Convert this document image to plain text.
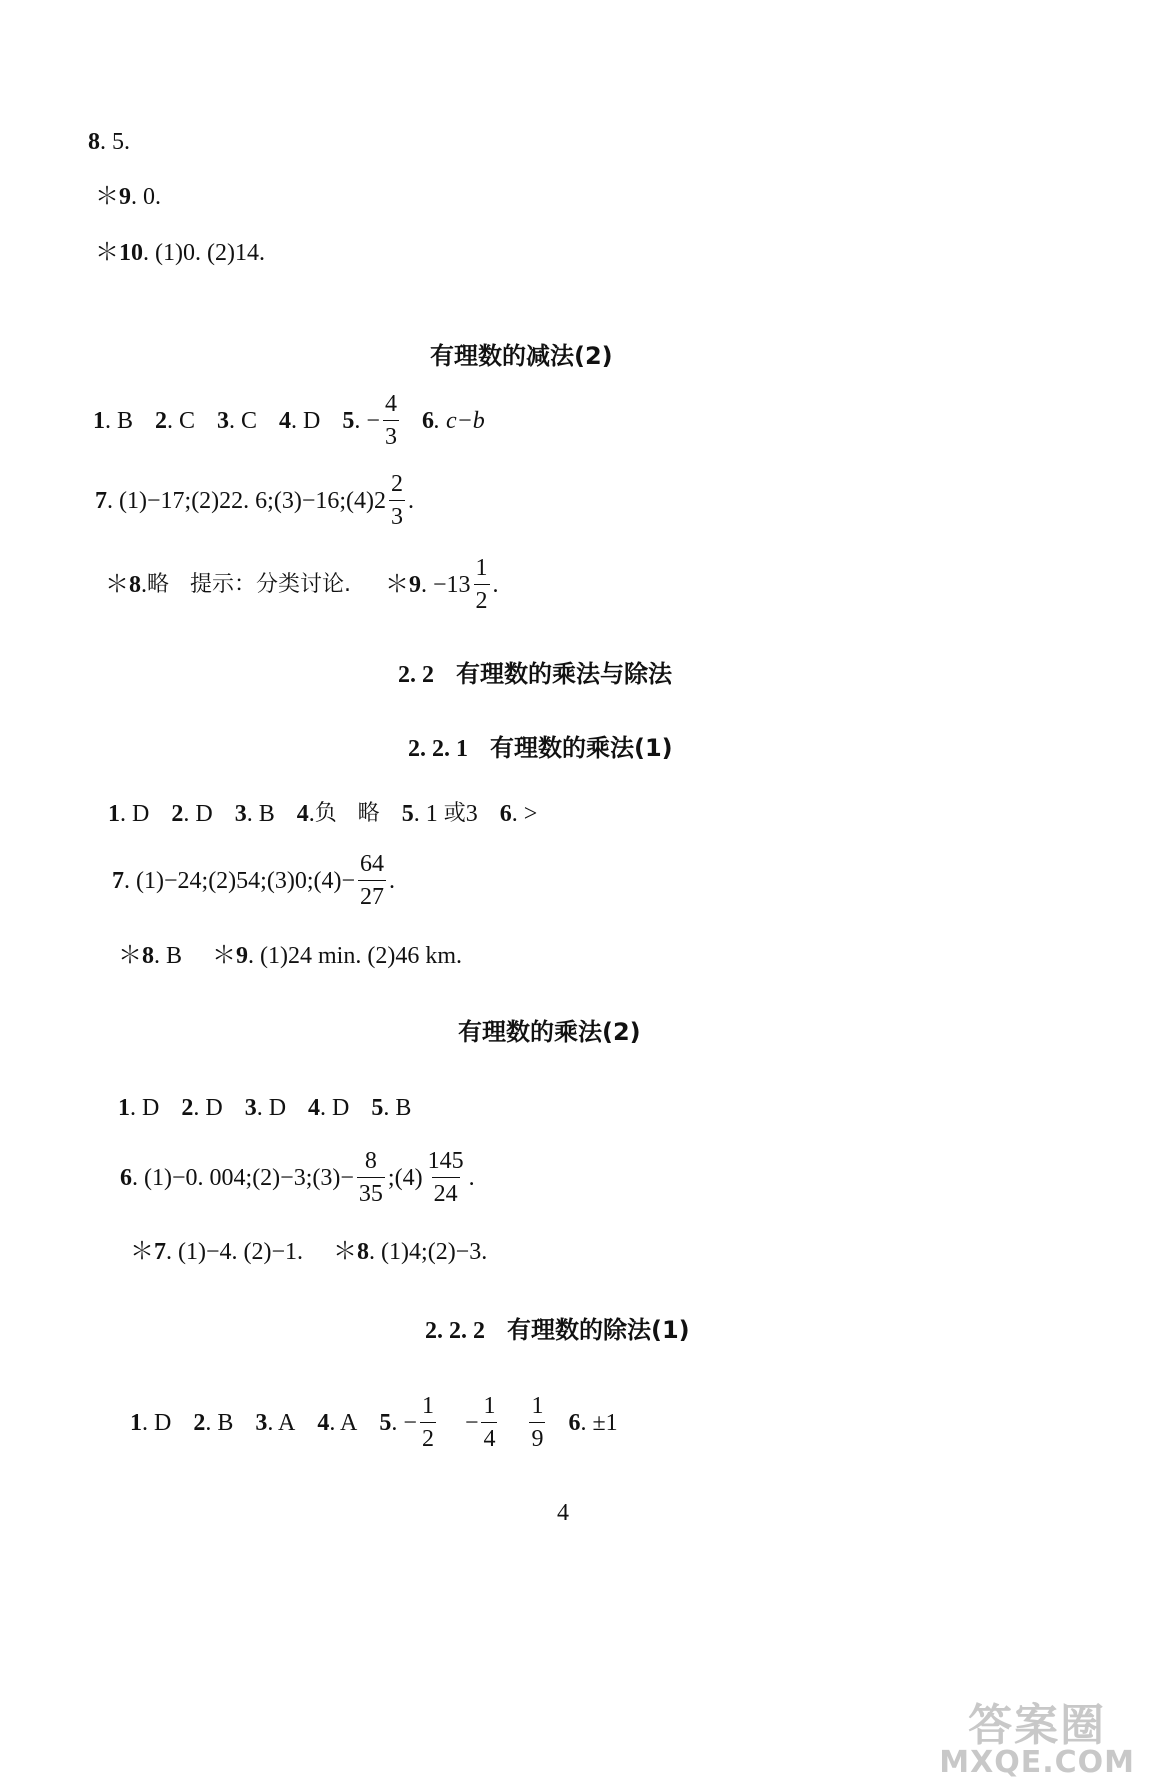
8 . 5.
＊ 9 . 0.
＊ 10 . (1)0. (2)14.
有理数的减法(2)
1 . B 2 . C 3 . C 4 . D 5 . − $\frac{4}{3} 6$ . c−b
7 . (1)−17;(2)22. 6;(3)−16;(4)2 $\frac{2}{3}$ .
＊ 8 . 略   提示：分类讨论. ＊ 9 . $-13 \frac{1}{2}$ .
2. 2 有理数的乘法与除法
2. 2. 1 有理数的乘法(1)
1 . D 2 . D 3 . B 4 . 负   略 5 . 1 或 3 6 . >
7 . (1)−24;(2)54;(3)0;(4)− $\frac{64}{27}$ .
＊ 8 . B ＊ 9 . (1)24 min. (2)46 km.
有理数的乘法(2)
1 . D 2 . D 3 . D 4 . D 5 . B
6 . (1)−0. 004;(2)−3;(3)− $\frac{8}{35}$ ;(4) $\frac{145}{24}$ .
＊ 7 . (1)−4. (2)−1. ＊ 8 . (1)4;(2)−3.
2. 2. 2 有理数的除法(1)
1 . D 2 . B 3 . A 4 . A 5 . − $\frac{1}{2} - \frac{1}{4} \frac{1}{9} 6$ . ±1
4
答案圈
MXQE.COM
